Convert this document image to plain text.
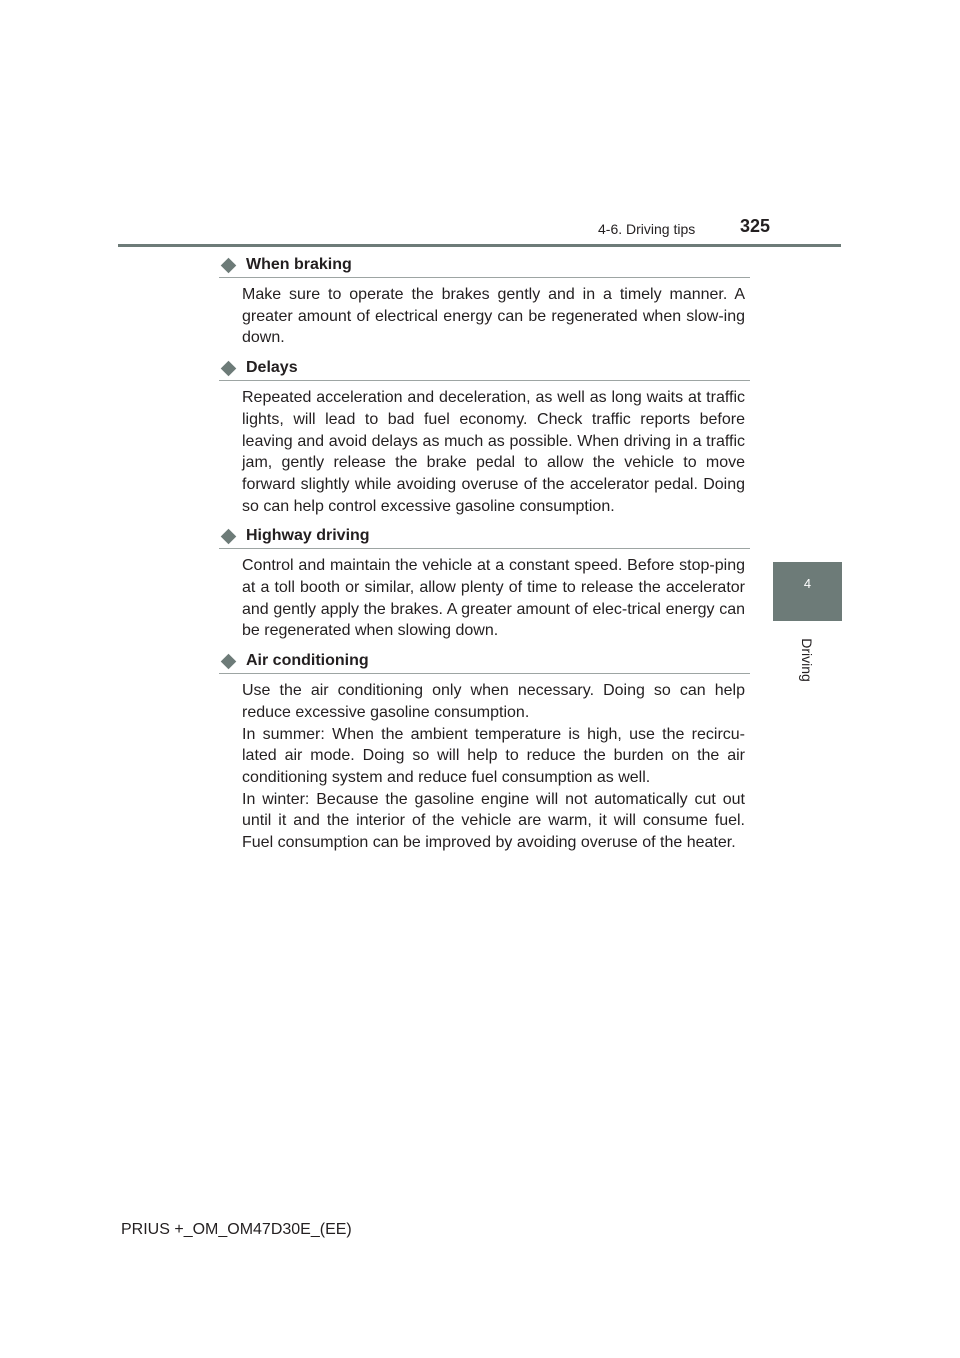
4-6. Driving tips 325
4
Driving
When braking

Make sure to operate the brakes gently and in a timely manner. A greater amount of electrical energy can be regenerated when slow-ing down.

Delays

Repeated acceleration and deceleration, as well as long waits at traffic lights, will lead to bad fuel economy. Check traffic reports before leaving and avoid delays as much as possible. When driving in a traffic jam, gently release the brake pedal to allow the vehicle to move forward slightly while avoiding overuse of the accelerator pedal. Doing so can help control excessive gasoline consumption.

Highway driving

Control and maintain the vehicle at a constant speed. Before stop-ping at a toll booth or similar, allow plenty of time to release the accelerator and gently apply the brakes. A greater amount of elec-trical energy can be regenerated when slowing down.

Air conditioning

Use the air conditioning only when necessary. Doing so can help reduce excessive gasoline consumption.

In summer: When the ambient temperature is high, use the recircu-lated air mode. Doing so will help to reduce the burden on the air conditioning system and reduce fuel consumption as well.

In winter: Because the gasoline engine will not automatically cut out until it and the interior of the vehicle are warm, it will consume fuel. Fuel consumption can be improved by avoiding overuse of the heater.

PRIUS +_OM_OM47D30E_(EE)
